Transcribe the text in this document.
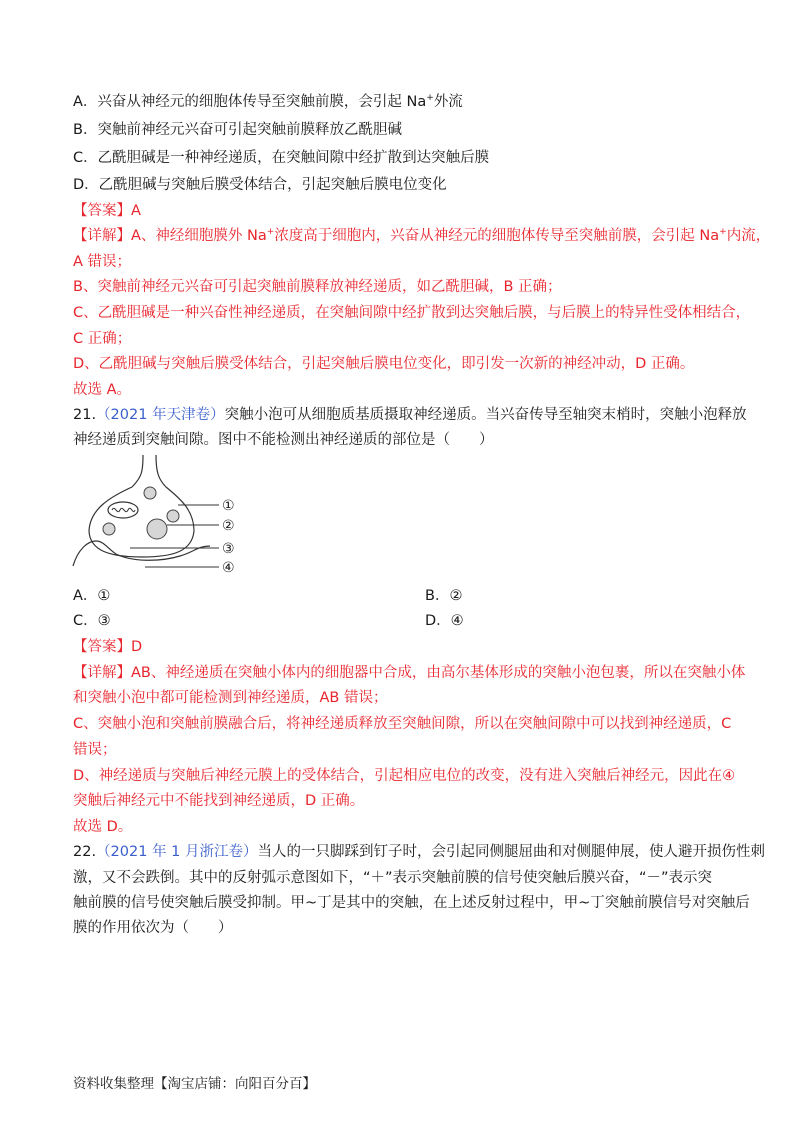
A．兴奋从神经元的细胞体传导至突触前膜，会引起 Na+外流
B．突触前神经元兴奋可引起突触前膜释放乙酰胆碱
C．乙酰胆碱是一种神经递质，在突触间隙中经扩散到达突触后膜
D．乙酰胆碱与突触后膜受体结合，引起突触后膜电位变化
【答案】A
【详解】A、神经细胞膜外 Na+浓度高于细胞内，兴奋从神经元的细胞体传导至突触前膜，会引起 Na+内流，
A 错误；
B、突触前神经元兴奋可引起突触前膜释放神经递质，如乙酰胆碱，B 正确；
C、乙酰胆碱是一种兴奋性神经递质，在突触间隙中经扩散到达突触后膜，与后膜上的特异性受体相结合，
C 正确；
D、乙酰胆碱与突触后膜受体结合，引起突触后膜电位变化，即引发一次新的神经冲动，D 正确。
故选 A。
21.（2021 年天津卷）突触小泡可从细胞质基质摄取神经递质。当兴奋传导至轴突末梢时，突触小泡释放
神经递质到突触间隙。图中不能检测出神经递质的部位是（　　）
①
②
③
④
A．①	B．②
C．③	D．④
【答案】D
【详解】AB、神经递质在突触小体内的细胞器中合成，由高尔基体形成的突触小泡包裹，所以在突触小体
和突触小泡中都可能检测到神经递质，AB 错误；
C、突触小泡和突触前膜融合后，将神经递质释放至突触间隙，所以在突触间隙中可以找到神经递质，C
错误；
D、神经递质与突触后神经元膜上的受体结合，引起相应电位的改变，没有进入突触后神经元，因此在④
突触后神经元中不能找到神经递质，D 正确。
故选 D。
22.（2021 年 1 月浙江卷）当人的一只脚踩到钉子时，会引起同侧腿屈曲和对侧腿伸展，使人避开损伤性刺
激，又不会跌倒。其中的反射弧示意图如下，“＋”表示突触前膜的信号使突触后膜兴奋，“－”表示突
触前膜的信号使突触后膜受抑制。甲~丁是其中的突触，在上述反射过程中，甲~丁突触前膜信号对突触后
膜的作用依次为（　　）
资料收集整理【淘宝店铺：向阳百分百】
